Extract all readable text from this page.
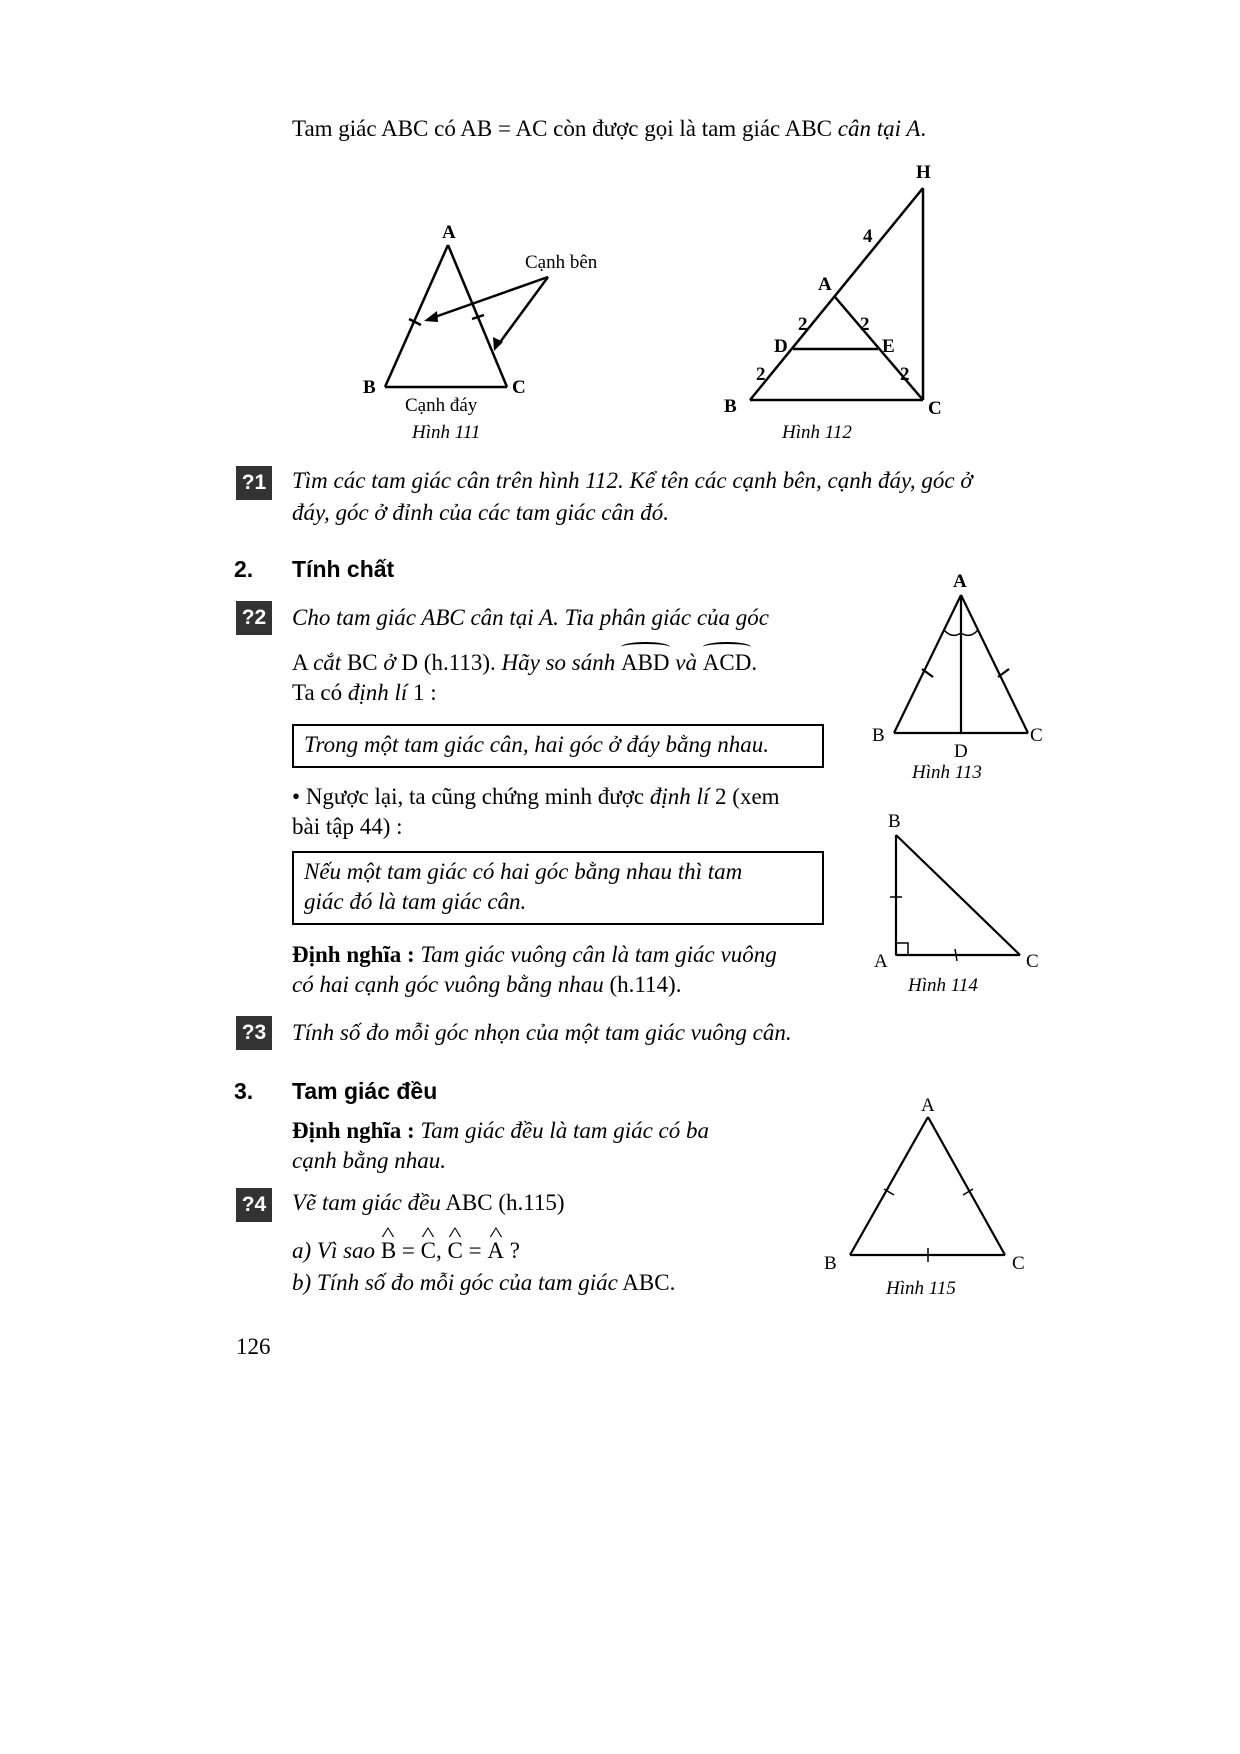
Tam giác ABC có AB = AC còn được gọi là tam giác ABC cân tại A.
A
B	C
Cạnh bên
Cạnh đáy
Hình 111
H
A
B	C
D	E
4
2	2
2	2
Hình 112
?1 Tìm các tam giác cân trên hình 112. Kể tên các cạnh bên, cạnh đáy, góc ở
đáy, góc ở đỉnh của các tam giác cân đó.
2. Tính chất
?2 Cho tam giác ABC cân tại A. Tia phân giác của góc
A cắt BC ở D (h.113). Hãy so sánh ABD và ACD.
Ta có định lí 1 :
Trong một tam giác cân, hai góc ở đáy bằng nhau.
• Ngược lại, ta cũng chứng minh được định lí 2 (xem
bài tập 44) :
Nếu một tam giác có hai góc bằng nhau thì tam
giác đó là tam giác cân.
Định nghĩa : Tam giác vuông cân là tam giác vuông
có hai cạnh góc vuông bằng nhau (h.114).
A
B	C
D
Hình 113
B
A	C
Hình 114
?3 Tính số đo mỗi góc nhọn của một tam giác vuông cân.
3. Tam giác đều
Định nghĩa : Tam giác đều là tam giác có ba
cạnh bằng nhau.
?4 Vẽ tam giác đều ABC (h.115)
a) Vì sao ^ B = ^ C, ^ C = ^ A ?
b) Tính số đo mỗi góc của tam giác ABC.
A
B	C
Hình 115
126
